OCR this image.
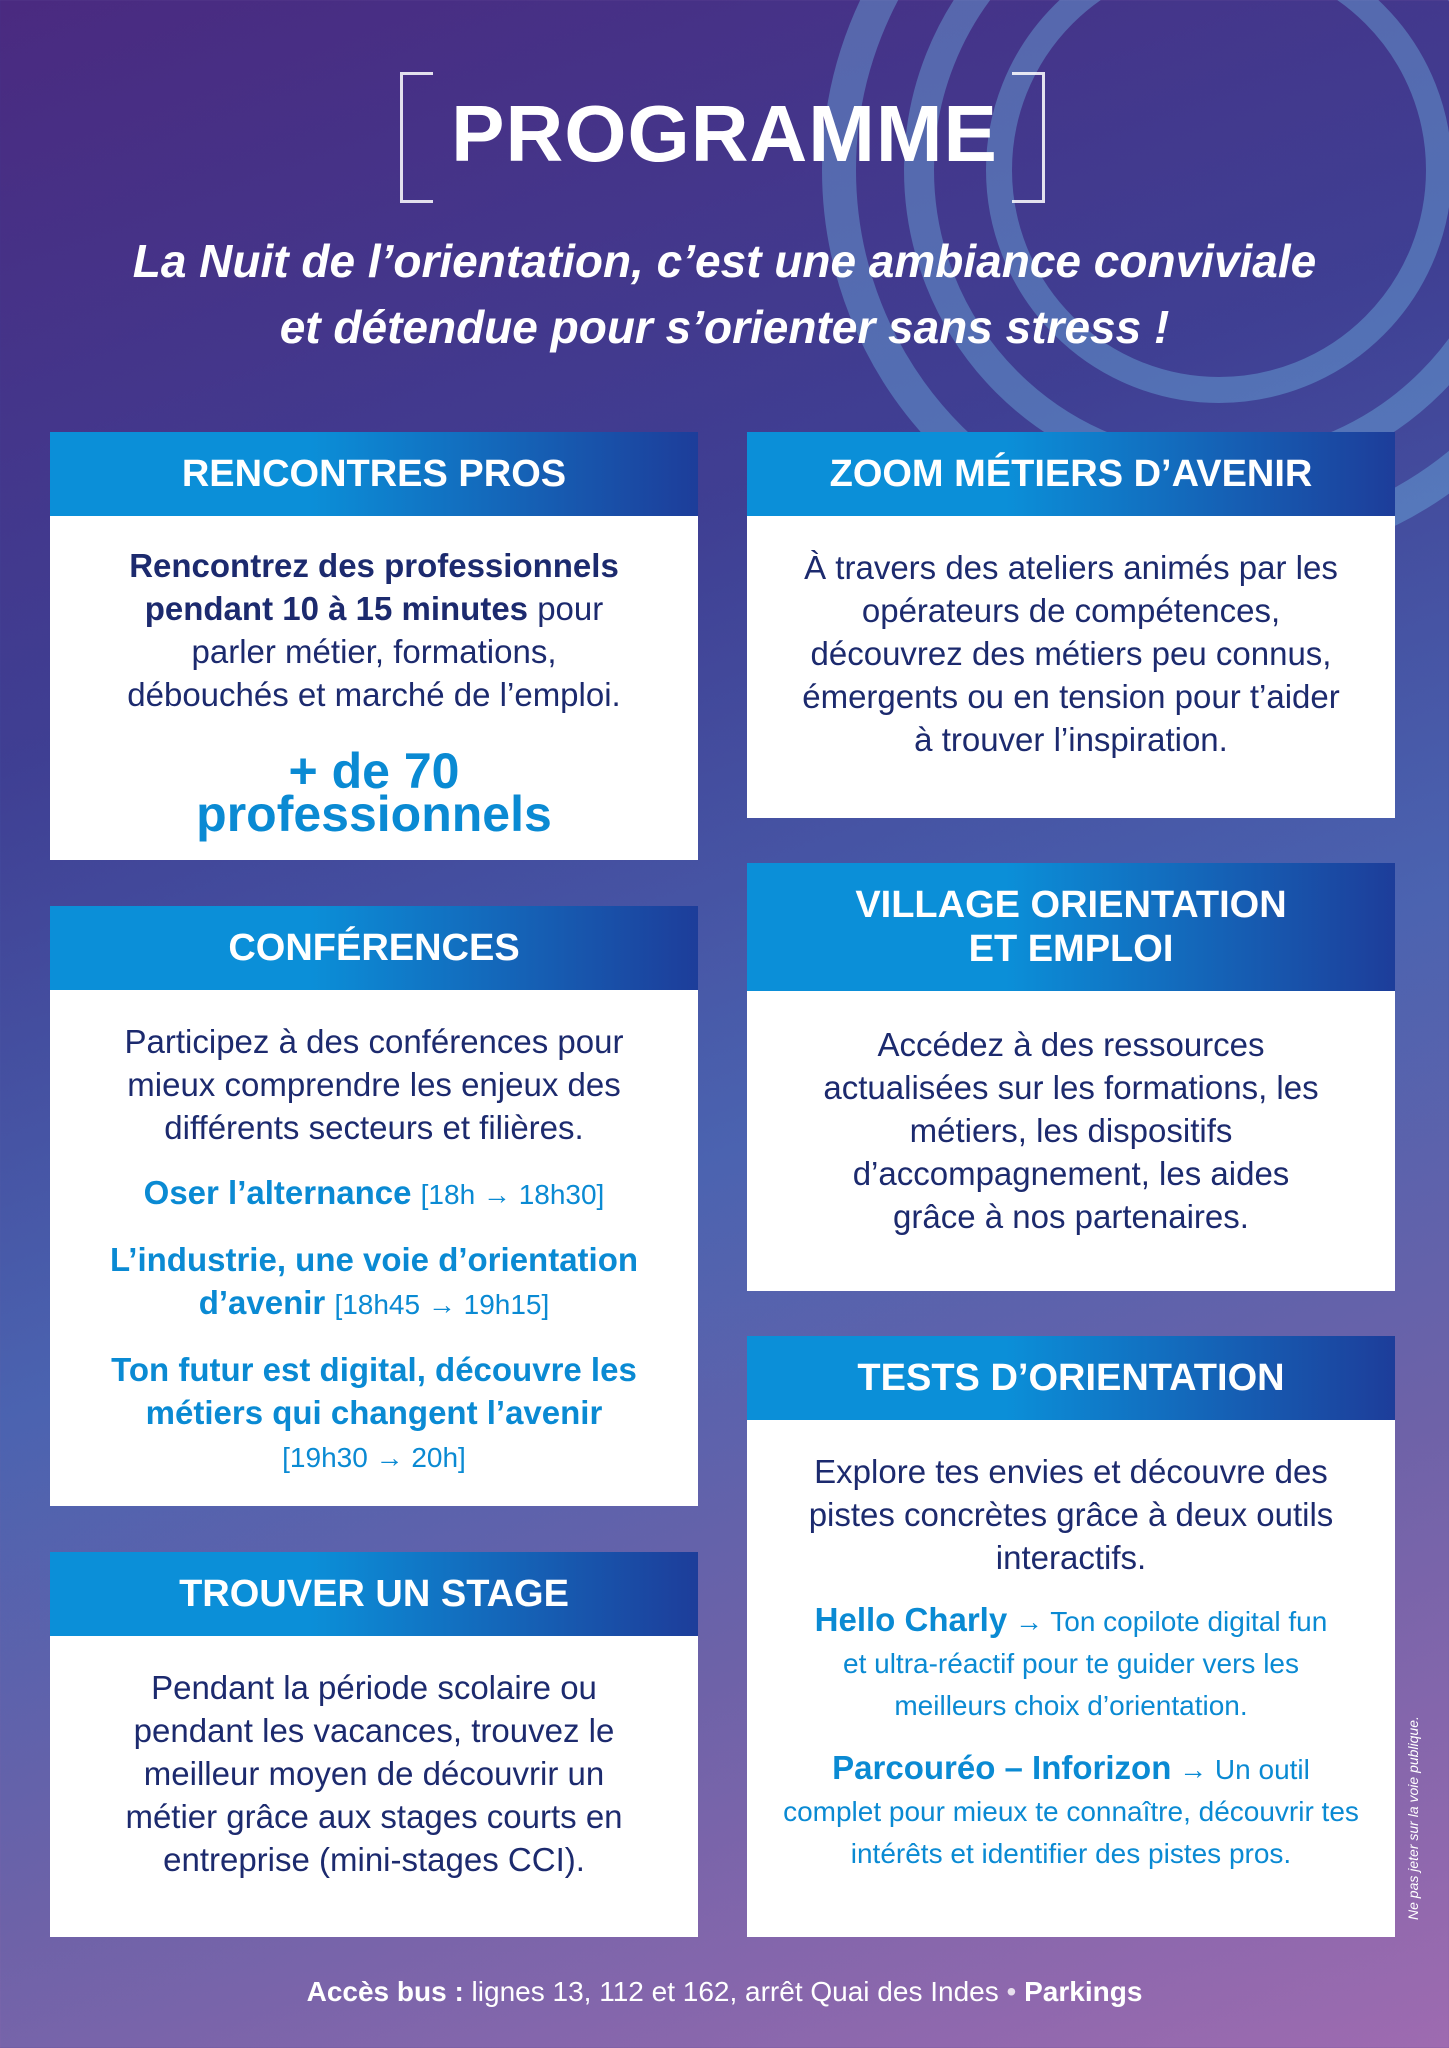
PROGRAMME
La Nuit de l’orientation, c’est une ambiance conviviale
et détendue pour s’orienter sans stress !
RENCONTRES PROS
Rencontrez des professionnels pendant 10 à 15 minutes pour parler métier, formations, débouchés et marché de l’emploi.
+ de 70 professionnels
CONFÉRENCES
Participez à des conférences pour mieux comprendre les enjeux des différents secteurs et filières.
Oser l’alternance [18h → 18h30]
L’industrie, une voie d’orientation d’avenir [18h45 → 19h15]
Ton futur est digital, découvre les métiers qui changent l’avenir
[19h30 → 20h]
TROUVER UN STAGE
Pendant la période scolaire ou pendant les vacances, trouvez le meilleur moyen de découvrir un métier grâce aux stages courts en entreprise (mini-stages CCI).
ZOOM MÉTIERS D’AVENIR
À travers des ateliers animés par les opérateurs de compétences, découvrez des métiers peu connus, émergents ou en tension pour t’aider à trouver l’inspiration.
VILLAGE ORIENTATION
ET EMPLOI
Accédez à des ressources actualisées sur les formations, les métiers, les dispositifs d’accompagnement, les aides grâce à nos partenaires.
TESTS D’ORIENTATION
Explore tes envies et découvre des pistes concrètes grâce à deux outils interactifs.
Hello Charly → Ton copilote digital fun et ultra-réactif pour te guider vers les meilleurs choix d’orientation.
Parcouréo – Inforizon → Un outil complet pour mieux te connaître, découvrir tes intérêts et identifier des pistes pros.	Ne pas jeter sur la voie publique.
Accès bus : lignes 13, 112 et 162, arrêt Quai des Indes • Parkings
